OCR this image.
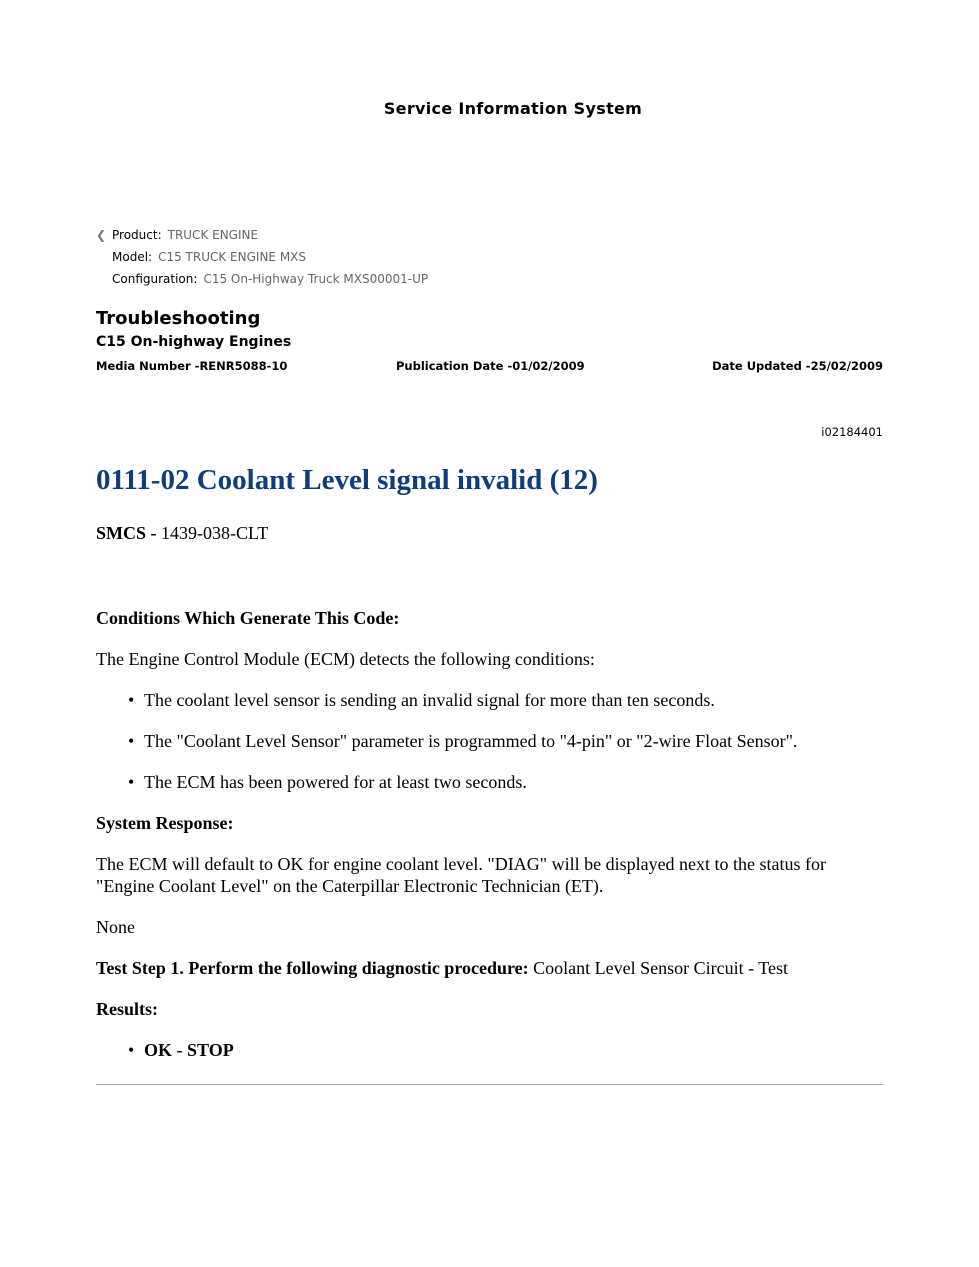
Service Information System
❮ Product: TRUCK ENGINE
Model: C15 TRUCK ENGINE MXS
Configuration: C15 On-Highway Truck MXS00001-UP
Troubleshooting
C15 On-highway Engines
Media Number -RENR5088-10	Publication Date -01/02/2009	Date Updated -25/02/2009
i02184401
0111-02 Coolant Level signal invalid (12)

SMCS - 1439-038-CLT

Conditions Which Generate This Code:

The Engine Control Module (ECM) detects the following conditions:

• The coolant level sensor is sending an invalid signal for more than ten seconds.
• The "Coolant Level Sensor" parameter is programmed to "4-pin" or "2-wire Float Sensor".
• The ECM has been powered for at least two seconds.

System Response:

The ECM will default to OK for engine coolant level. "DIAG" will be displayed next to the status for "Engine Coolant Level" on the Caterpillar Electronic Technician (ET).

None

Test Step 1. Perform the following diagnostic procedure: Coolant Level Sensor Circuit - Test

Results:

• OK - STOP
